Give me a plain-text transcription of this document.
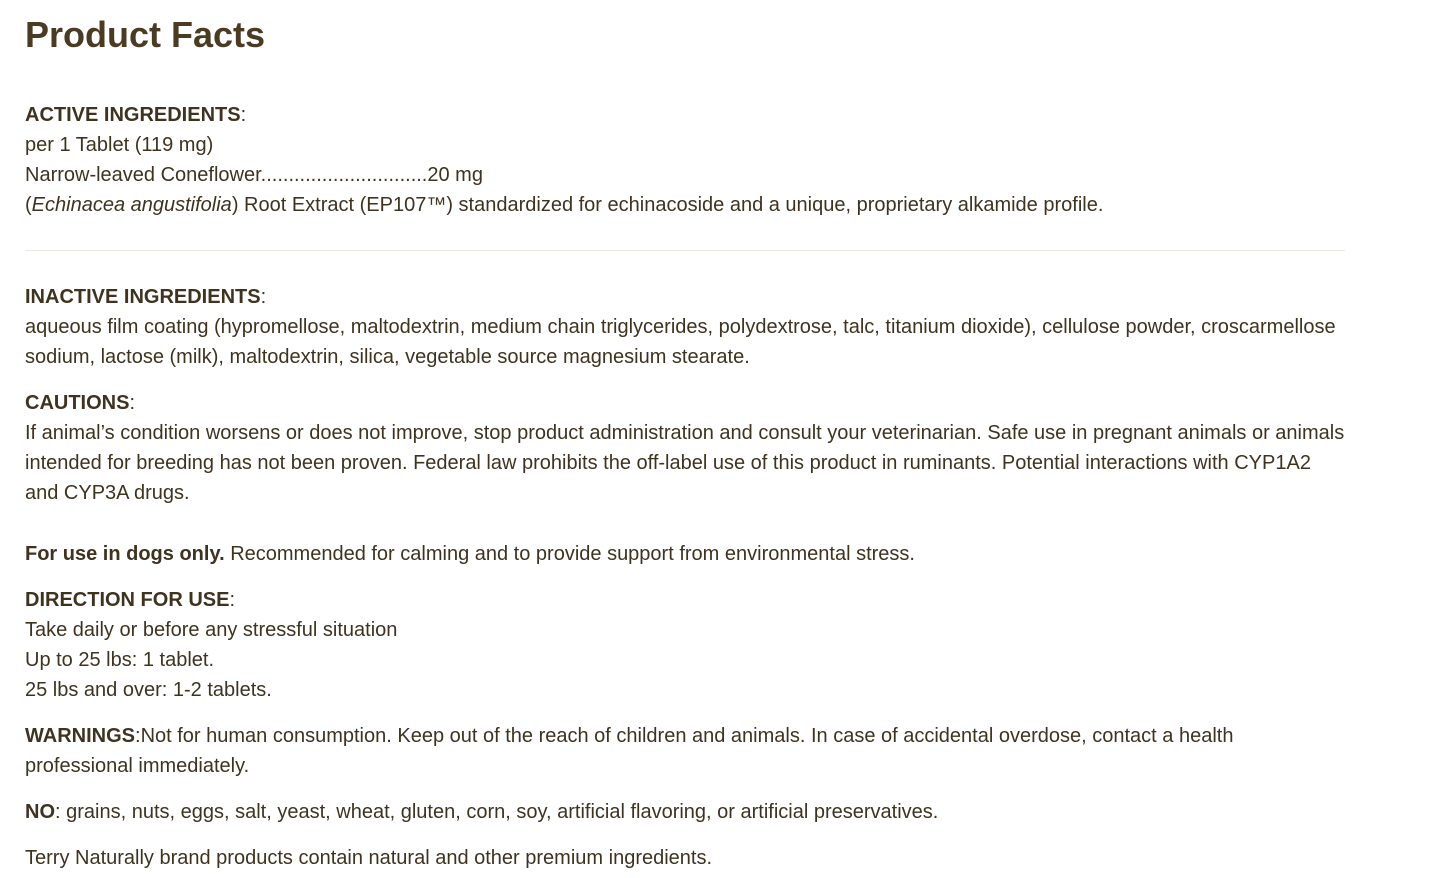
Product Facts
ACTIVE INGREDIENTS:
per 1 Tablet (119 mg)
Narrow-leaved Coneflower..............................20 mg
(Echinacea angustifolia) Root Extract (EP107™) standardized for echinacoside and a unique, proprietary alkamide profile.
INACTIVE INGREDIENTS:
aqueous film coating (hypromellose, maltodextrin, medium chain triglycerides, polydextrose, talc, titanium dioxide), cellulose powder, croscarmellose sodium, lactose (milk), maltodextrin, silica, vegetable source magnesium stearate.
CAUTIONS:
If animal’s condition worsens or does not improve, stop product administration and consult your veterinarian. Safe use in pregnant animals or animals intended for breeding has not been proven. Federal law prohibits the off-label use of this product in ruminants. Potential interactions with CYP1A2 and CYP3A drugs.
For use in dogs only. Recommended for calming and to provide support from environmental stress.
DIRECTION FOR USE:
Take daily or before any stressful situation
Up to 25 lbs: 1 tablet.
25 lbs and over: 1-2 tablets.
WARNINGS:Not for human consumption. Keep out of the reach of children and animals. In case of accidental overdose, contact a health professional immediately.
NO: grains, nuts, eggs, salt, yeast, wheat, gluten, corn, soy, artificial flavoring, or artificial preservatives.
Terry Naturally brand products contain natural and other premium ingredients.
